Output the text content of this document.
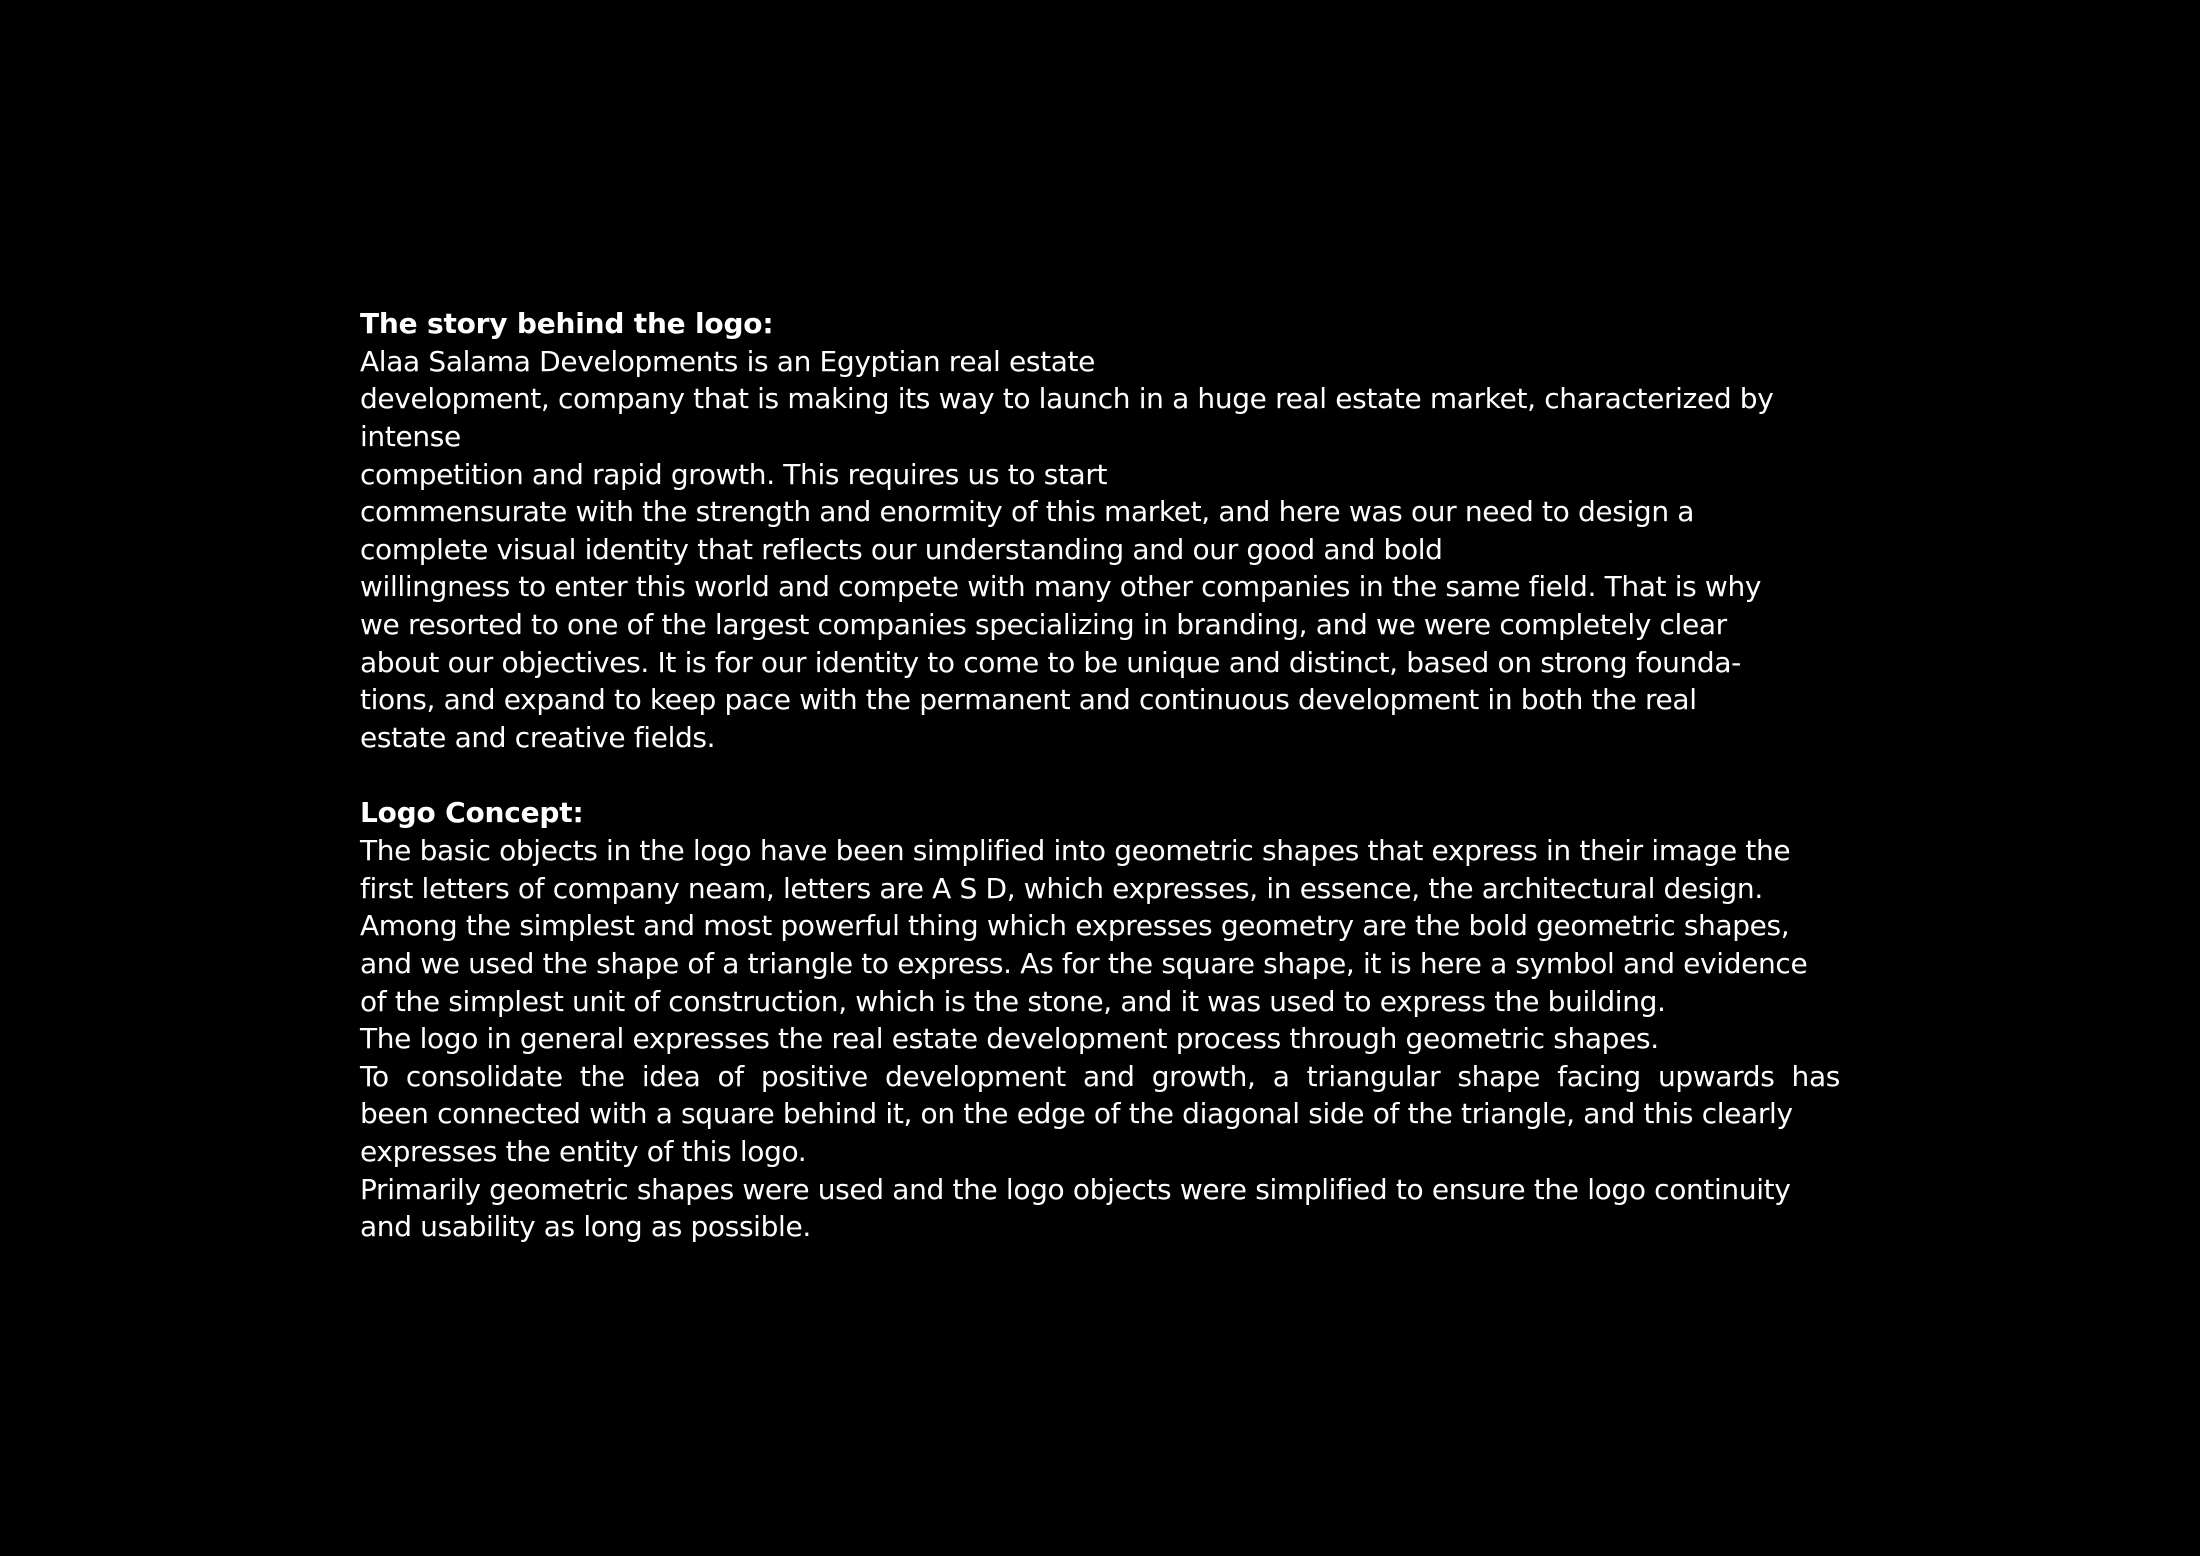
The story behind the logo:
Alaa Salama Developments is an Egyptian real estate
development, company that is making its way to launch in a huge real estate market, characterized by
intense
competition and rapid growth. This requires us to start
commensurate with the strength and enormity of this market, and here was our need to design a
complete visual identity that reflects our understanding and our good and bold
willingness to enter this world and compete with many other companies in the same field. That is why
we resorted to one of the largest companies specializing in branding, and we were completely clear
about our objectives. It is for our identity to come to be unique and distinct, based on strong founda-
tions, and expand to keep pace with the permanent and continuous development in both the real
estate and creative fields.
Logo Concept:
The basic objects in the logo have been simplified into geometric shapes that express in their image the
first letters of company neam, letters are A S D, which expresses, in essence, the architectural design.
Among the simplest and most powerful thing which expresses geometry are the bold geometric shapes,
and we used the shape of a triangle to express. As for the square shape, it is here a symbol and evidence
of the simplest unit of construction, which is the stone, and it was used to express the building.
The logo in general expresses the real estate development process through geometric shapes.
To consolidate the idea of positive development and growth, a triangular shape facing upwards has
been connected with a square behind it, on the edge of the diagonal side of the triangle, and this clearly
expresses the entity of this logo.
Primarily geometric shapes were used and the logo objects were simplified to ensure the logo continuity
and usability as long as possible.
